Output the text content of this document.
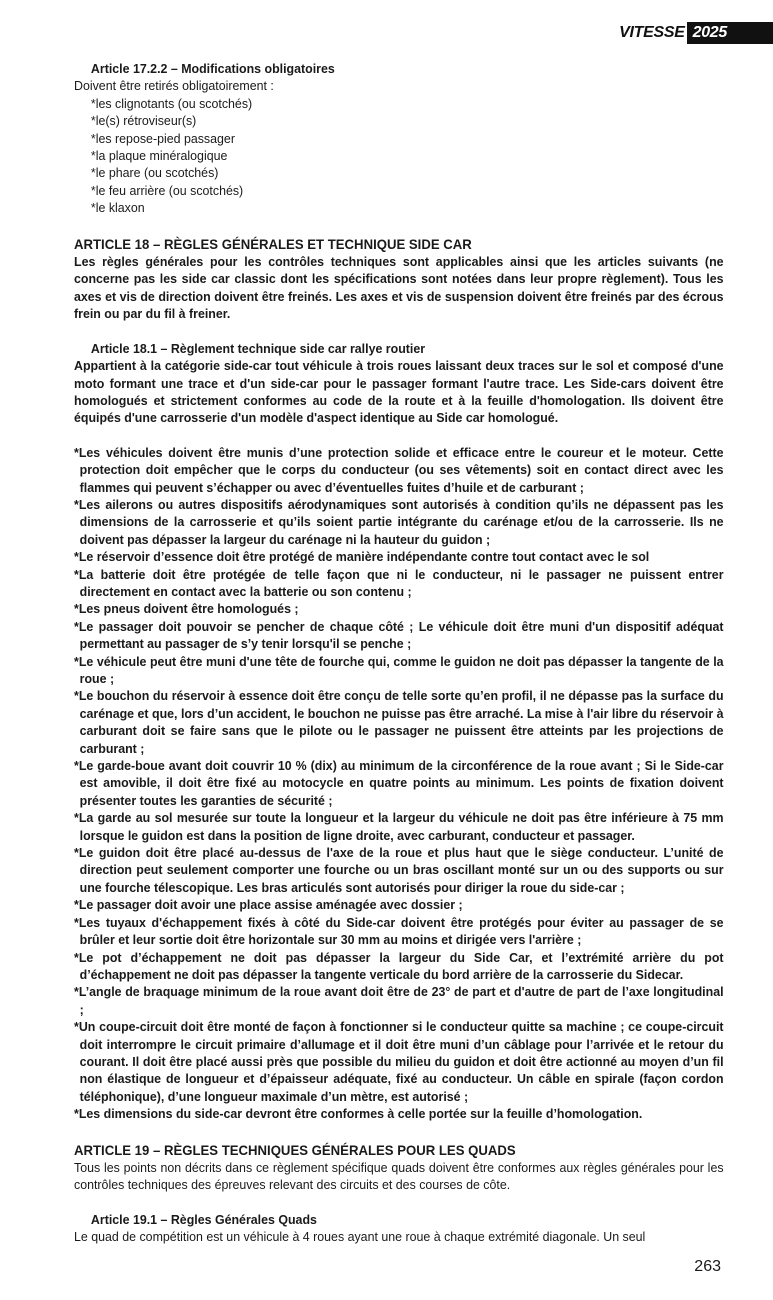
VITESSE 2025
Article 17.2.2 – Modifications obligatoires
Doivent être retirés obligatoirement :
*les clignotants (ou scotchés)
*le(s) rétroviseur(s)
*les repose-pied passager
*la plaque minéralogique
*le phare (ou scotchés)
*le feu arrière (ou scotchés)
*le klaxon
ARTICLE 18 – RÈGLES GÉNÉRALES ET TECHNIQUE SIDE CAR
Les règles générales pour les contrôles techniques sont applicables ainsi que les articles suivants (ne concerne pas les side car classic dont les spécifications sont notées dans leur propre règlement). Tous les axes et vis de direction doivent être freinés. Les axes et vis de suspension doivent être freinés par des écrous frein ou par du fil à freiner.
Article 18.1 – Règlement technique side car rallye routier
Appartient à la catégorie side-car tout véhicule à trois roues laissant deux traces sur le sol et composé d'une moto formant une trace et d'un side-car pour le passager formant l'autre trace. Les Side-cars doivent être homologués et strictement conformes au code de la route et à la feuille d'homologation. Ils doivent être équipés d'une carrosserie d'un modèle d'aspect identique au Side car homologué.
*Les véhicules doivent être munis d’une protection solide et efficace entre le coureur et le moteur. Cette protection doit empêcher que le corps du conducteur (ou ses vêtements) soit en contact direct avec les flammes qui peuvent s’échapper ou avec d’éventuelles fuites d’huile et de carburant ;
*Les ailerons ou autres dispositifs aérodynamiques sont autorisés à condition qu’ils ne dépassent pas les dimensions de la carrosserie et qu’ils soient partie intégrante du carénage et/ou de la carrosserie. Ils ne doivent pas dépasser la largeur du carénage ni la hauteur du guidon ;
*Le réservoir d’essence doit être protégé de manière indépendante contre tout contact avec le sol
*La batterie doit être protégée de telle façon que ni le conducteur, ni le passager ne puissent entrer directement en contact avec la batterie ou son contenu ;
*Les pneus doivent être homologués ;
*Le passager doit pouvoir se pencher de chaque côté ; Le véhicule doit être muni d'un dispositif adéquat permettant au passager de s’y tenir lorsqu'il se penche ;
*Le véhicule peut être muni d'une tête de fourche qui, comme le guidon ne doit pas dépasser la tangente de la roue ;
*Le bouchon du réservoir à essence doit être conçu de telle sorte qu’en profil, il ne dépasse pas la surface du carénage et que, lors d’un accident, le bouchon ne puisse pas être arraché. La mise à l'air libre du réservoir à carburant doit se faire sans que le pilote ou le passager ne puissent être atteints par les projections de carburant ;
*Le garde-boue avant doit couvrir 10 % (dix) au minimum de la circonférence de la roue avant ; Si le Side-car est amovible, il doit être fixé au motocycle en quatre points au minimum. Les points de fixation doivent présenter toutes les garanties de sécurité ;
*La garde au sol mesurée sur toute la longueur et la largeur du véhicule ne doit pas être inférieure à 75 mm lorsque le guidon est dans la position de ligne droite, avec carburant, conducteur et passager.
*Le guidon doit être placé au-dessus de l'axe de la roue et plus haut que le siège conducteur. L’unité de direction peut seulement comporter une fourche ou un bras oscillant monté sur un ou des supports ou sur une fourche télescopique. Les bras articulés sont autorisés pour diriger la roue du side-car ;
*Le passager doit avoir une place assise aménagée avec dossier ;
*Les tuyaux d'échappement fixés à côté du Side-car doivent être protégés pour éviter au passager de se brûler et leur sortie doit être horizontale sur 30 mm au moins et dirigée vers l'arrière ;
*Le pot d’échappement ne doit pas dépasser la largeur du Side Car, et l’extrémité arrière du pot d’échappement ne doit pas dépasser la tangente verticale du bord arrière de la carrosserie du Sidecar.
*L’angle de braquage minimum de la roue avant doit être de 23° de part et d'autre de part de l’axe longitudinal ;
*Un coupe-circuit doit être monté de façon à fonctionner si le conducteur quitte sa machine ; ce coupe-circuit doit interrompre le circuit primaire d’allumage et il doit être muni d’un câblage pour l’arrivée et le retour du courant. Il doit être placé aussi près que possible du milieu du guidon et doit être actionné au moyen d’un fil non élastique de longueur et d’épaisseur adéquate, fixé au conducteur. Un câble en spirale (façon cordon téléphonique), d’une longueur maximale d’un mètre, est autorisé ;
*Les dimensions du side-car devront être conformes à celle portée sur la feuille d’homologation.
ARTICLE 19 – RÈGLES TECHNIQUES GÉNÉRALES POUR LES QUADS
Tous les points non décrits dans ce règlement spécifique quads doivent être conformes aux règles générales pour les contrôles techniques des épreuves relevant des circuits et des courses de côte.
Article 19.1 – Règles Générales Quads
Le quad de compétition est un véhicule à 4 roues ayant une roue à chaque extrémité diagonale. Un seul
263
